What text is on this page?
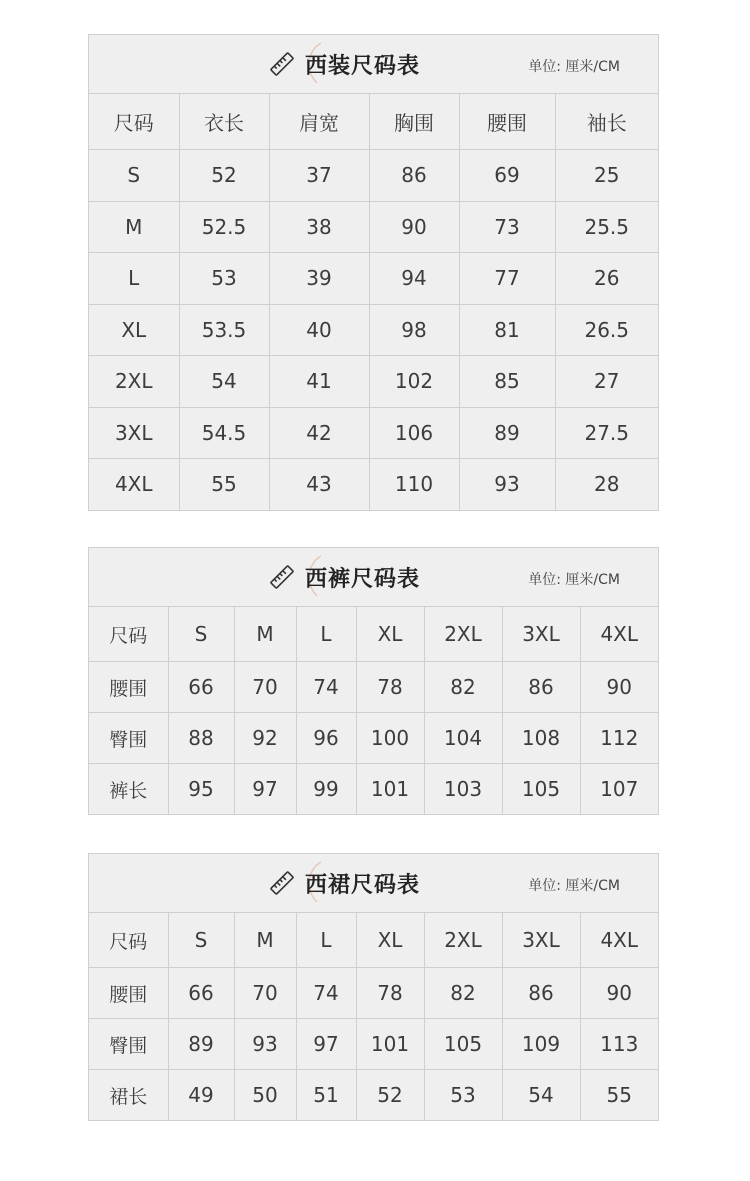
西装尺码表	单位: 厘米/CM
尺码	衣长	肩宽	胸围	腰围	袖长
S	52	37	86	69	25
M	52.5	38	90	73	25.5
L	53	39	94	77	26
XL	53.5	40	98	81	26.5
2XL	54	41	102	85	27
3XL	54.5	42	106	89	27.5
4XL	55	43	110	93	28
西裤尺码表	单位: 厘米/CM
尺码	S	M	L	XL	2XL	3XL	4XL
腰围	66	70	74	78	82	86	90
臀围	88	92	96	100	104	108	112
裤长	95	97	99	101	103	105	107
西裙尺码表	单位: 厘米/CM
尺码	S	M	L	XL	2XL	3XL	4XL
腰围	66	70	74	78	82	86	90
臀围	89	93	97	101	105	109	113
裙长	49	50	51	52	53	54	55
